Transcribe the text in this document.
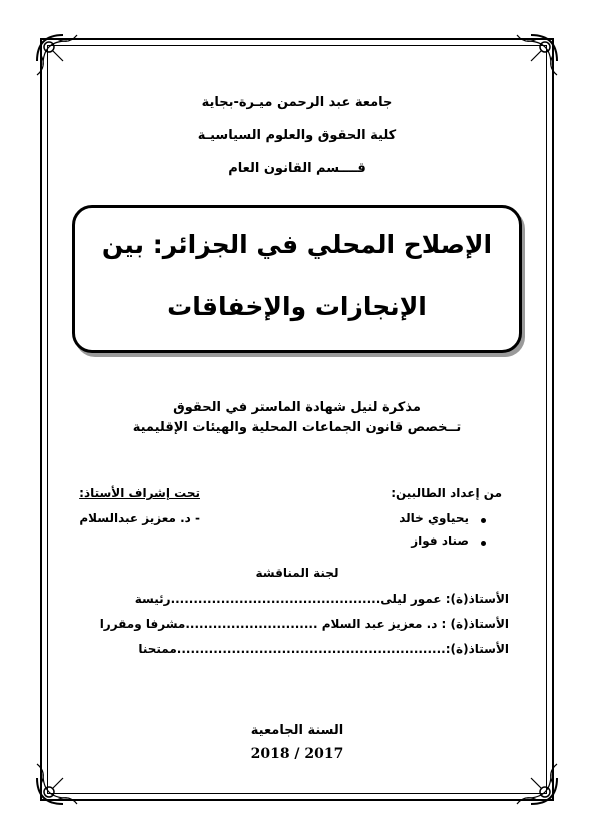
جامعة عبد الرحمن ميـرة-بجاية
كلية الحقوق والعلوم السياسيـة
قــــسم القانون العام
الإصلاح المحلي في الجزائر: بين
الإنجازات والإخفاقات
مذكرة لنيل شهادة الماستر في الحقوق
تــخصص قانون الجماعات المحلية والهيئات الإقليمية
من إعداد الطالبين:
يحياوي خالد
صناد فواز
تحت إشراف الأستاذ:
- د. معزيز عبدالسلام
لجنة المناقشة
الأستاذ(ة): عمور ليلى..............................................رئيسة
الأستاذ(ة) : د. معزيز عبد السلام .............................مشرفا ومقررا
الأستاذ(ة):...........................................................ممتحنا
السنة الجامعية
2018 / 2017
